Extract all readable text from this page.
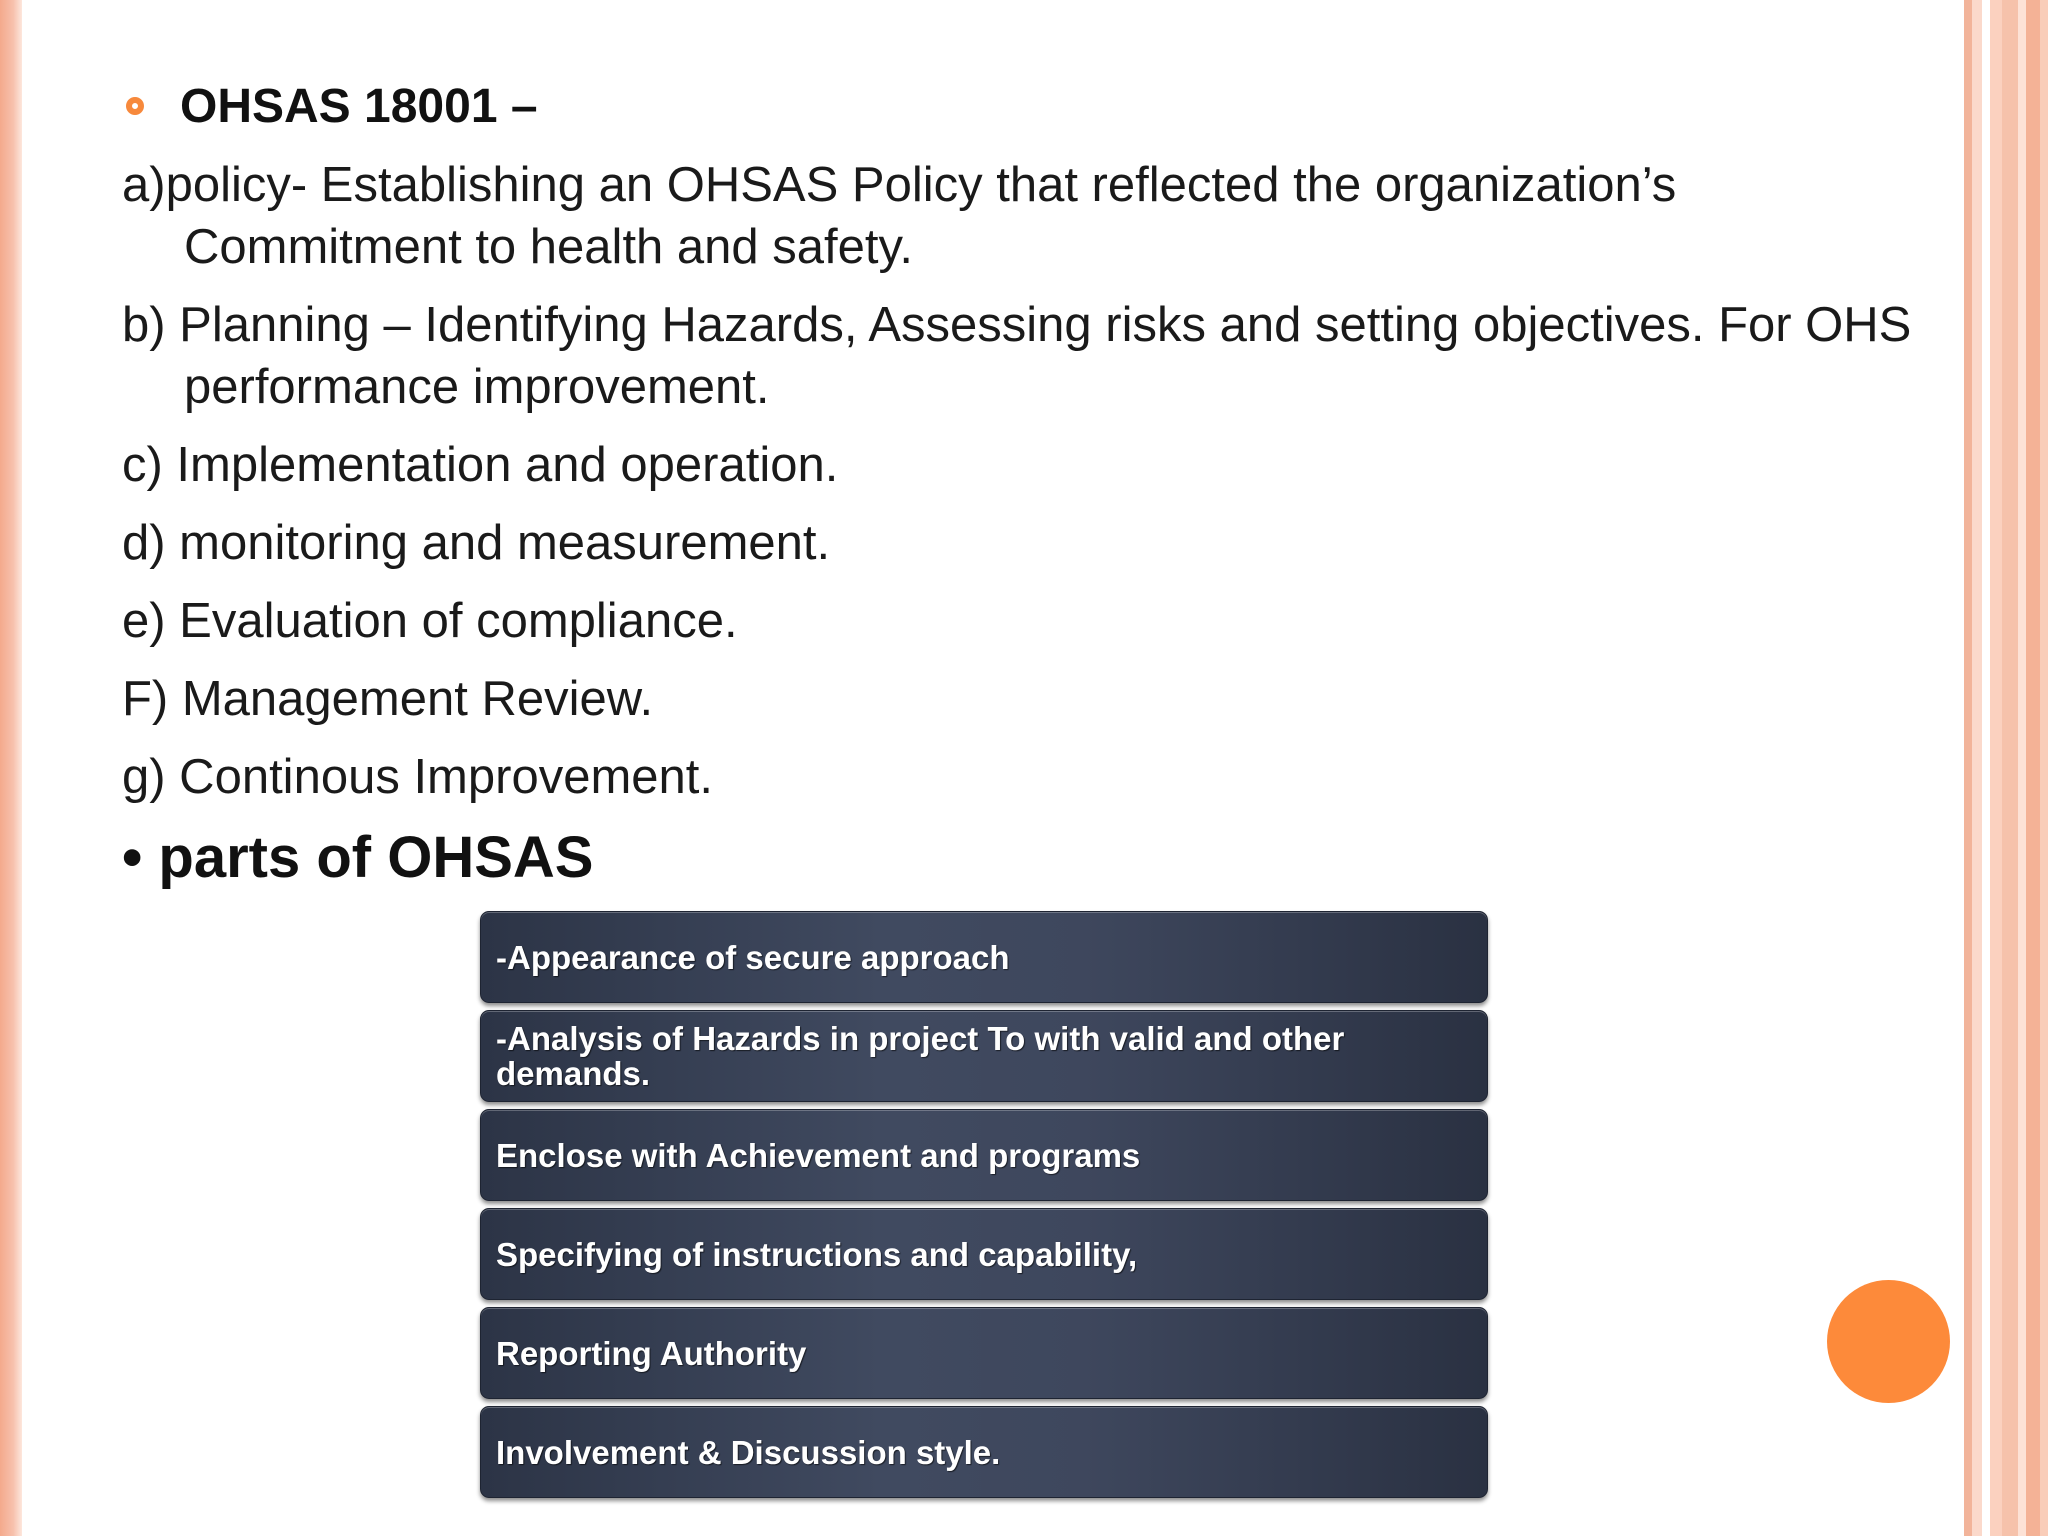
OHSAS 18001 –
a)policy- Establishing an OHSAS Policy that reflected the organization’s Commitment to health and safety.
b) Planning – Identifying Hazards, Assessing risks and setting objectives. For OHS performance improvement.
c) Implementation and operation.
d) monitoring and measurement.
e) Evaluation of compliance.
F) Management Review.
g) Continous Improvement.
• parts of OHSAS
-Appearance of secure approach
-Analysis of Hazards in project To with valid and other demands.
Enclose with Achievement and programs
Specifying of instructions and capability,
Reporting Authority
Involvement & Discussion style.
